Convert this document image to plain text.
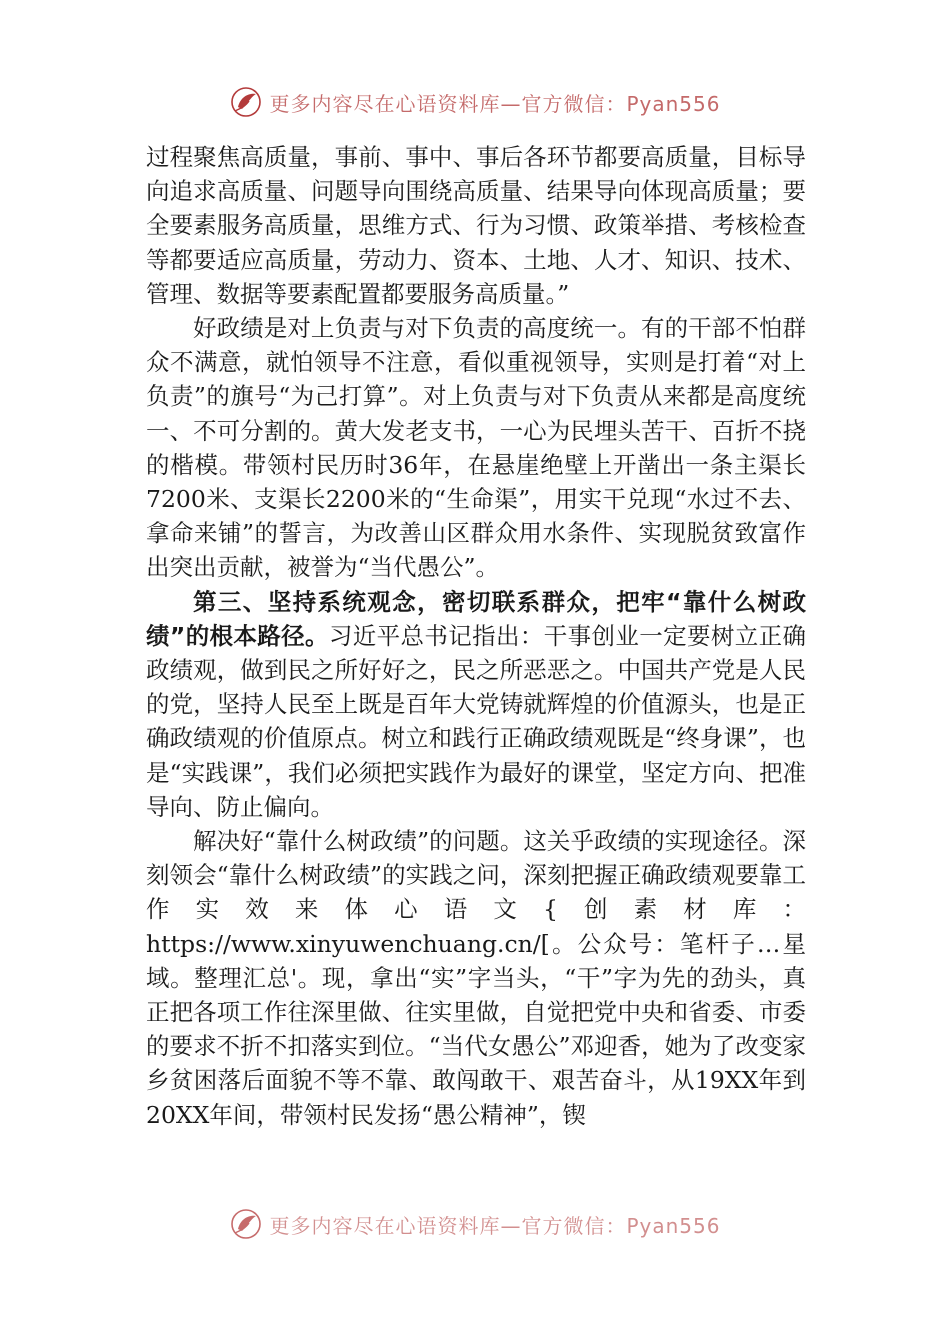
更多内容尽在心语资料库—官方微信：Pyan556

过程聚焦高质量，事前、事中、事后各环节都要高质量，目标导向追求高质量、问题导向围绕高质量、结果导向体现高质量；要全要素服务高质量，思维方式、行为习惯、政策举措、考核检查等都要适应高质量，劳动力、资本、土地、人才、知识、技术、管理、数据等要素配置都要服务高质量。”

好政绩是对上负责与对下负责的高度统一。有的干部不怕群众不满意，就怕领导不注意，看似重视领导，实则是打着“对上负责”的旗号“为己打算”。对上负责与对下负责从来都是高度统一、不可分割的。黄大发老支书，一心为民埋头苦干、百折不挠的楷模。带领村民历时36年，在悬崖绝壁上开凿出一条主渠长7200米、支渠长2200米的“生命渠”，用实干兑现“水过不去、拿命来铺”的誓言，为改善山区群众用水条件、实现脱贫致富作出突出贡献，被誉为“当代愚公”。

第三、坚持系统观念，密切联系群众，把牢“靠什么树政绩”的根本路径。习近平总书记指出：干事创业一定要树立正确政绩观，做到民之所好好之，民之所恶恶之。中国共产党是人民的党，坚持人民至上既是百年大党铸就辉煌的价值源头，也是正确政绩观的价值原点。树立和践行正确政绩观既是“终身课”，也是“实践课”，我们必须把实践作为最好的课堂，坚定方向、把准导向、防止偏向。

解决好“靠什么树政绩”的问题。这关乎政绩的实现途径。深刻领会“靠什么树政绩”的实践之问，深刻把握正确政绩观要靠工作实效来体心语文{创素材库：https://www.xinyuwenchuang.cn/[。公众号：笔杆子…星域。整理汇总'。现，拿出“实”字当头，“干”字为先的劲头，真正把各项工作往深里做、往实里做，自觉把党中央和省委、市委的要求不折不扣落实到位。“当代女愚公”邓迎香，她为了改变家乡贫困落后面貌不等不靠、敢闯敢干、艰苦奋斗，从19XX年到20XX年间，带领村民发扬“愚公精神”，锲

更多内容尽在心语资料库—官方微信：Pyan556
